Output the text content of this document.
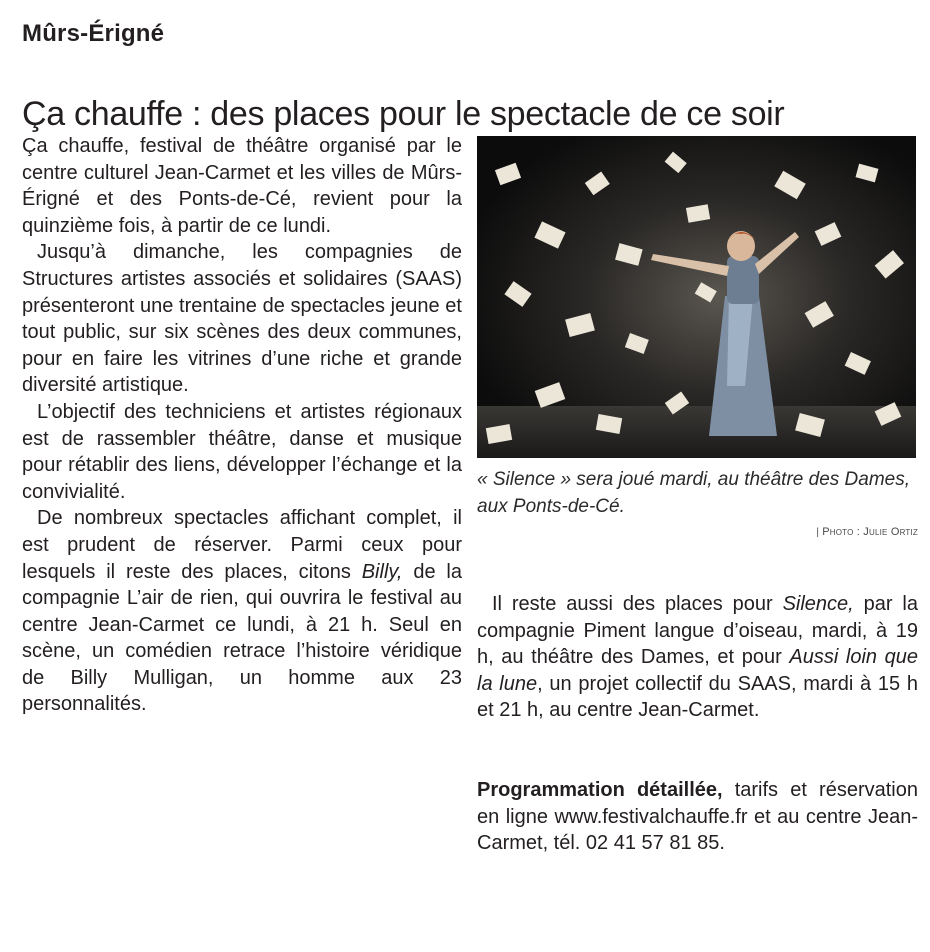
Mûrs-Érigné
Ça chauffe : des places pour le spectacle de ce soir

Ça chauffe, festival de théâtre organisé par le centre culturel Jean-Carmet et les villes de Mûrs-Érigné et des Ponts-de-Cé, revient pour la quinzième fois, à partir de ce lundi.

Jusqu’à dimanche, les compagnies de Structures artistes associés et solidaires (SAAS) présenteront une trentaine de spectacles jeune et tout public, sur six scènes des deux communes, pour en faire les vitrines d’une riche et grande diversité artistique.

L’objectif des techniciens et artistes régionaux est de rassembler théâtre, danse et musique pour rétablir des liens, développer l’échange et la convivialité.

De nombreux spectacles affichant complet, il est prudent de réserver. Parmi ceux pour lesquels il reste des places, citons Billy, de la compagnie L’air de rien, qui ouvrira le festival au centre Jean-Carmet ce lundi, à 21 h. Seul en scène, un comédien retrace l’histoire véridique de Billy Mulligan, un homme aux 23 personnalités.

« Silence » sera joué mardi, au théâtre des Dames, aux Ponts-de-Cé.
| Photo : Julie Ortiz

Il reste aussi des places pour Silence, par la compagnie Piment langue d’oiseau, mardi, à 19 h, au théâtre des Dames, et pour Aussi loin que la lune, un projet collectif du SAAS, mardi à 15 h et 21 h, au centre Jean-Carmet.

Programmation détaillée, tarifs et réservation en ligne www.festivalchauffe.fr et au centre Jean-Carmet, tél. 02 41 57 81 85.
